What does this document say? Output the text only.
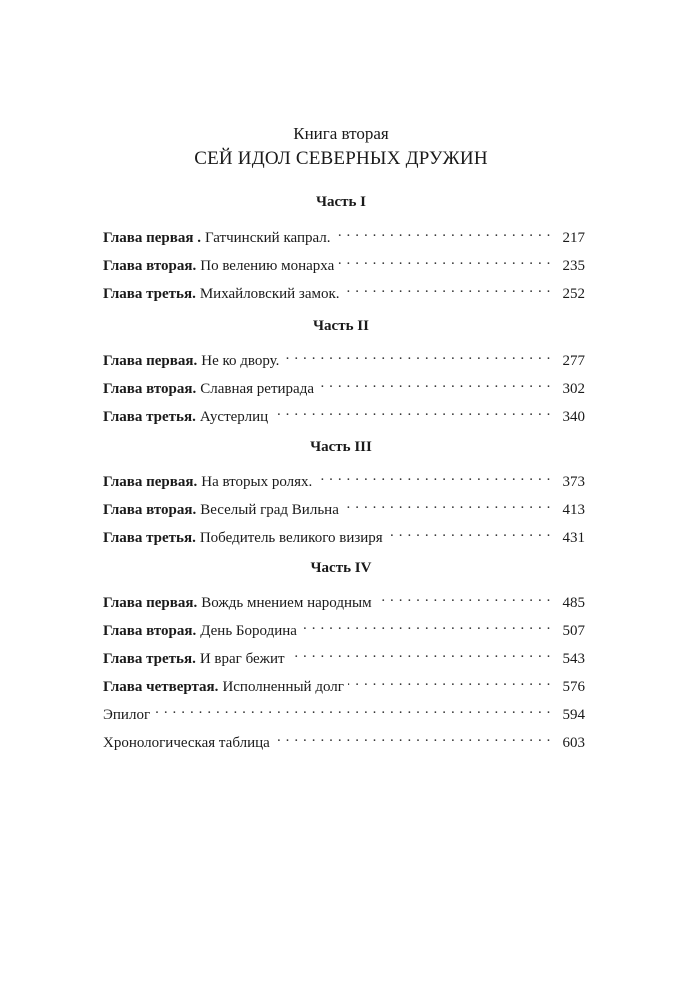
Книга вторая
СЕЙ ИДОЛ СЕВЕРНЫХ ДРУЖИН
Часть I
Глава первая . Гатчинский капрал. . . .	217
Глава вторая. По велению монарха . . .	235
Глава третья. Михайловский замок. . . .	252
Часть II
Глава первая. Не ко двору. . . .	277
Глава вторая. Славная ретирада . . .	302
Глава третья. Аустерлиц . . .	340
Часть III
Глава первая. На вторых ролях. . . .	373
Глава вторая. Веселый град Вильна . . .	413
Глава третья. Победитель великого визиря . . .	431
Часть IV
Глава первая. Вождь мнением народным . . .	485
Глава вторая. День Бородина . . .	507
Глава третья. И враг бежит . . .	543
Глава четвертая. Исполненный долг . . .	576
Эпилог . . .	594
Хронологическая таблица . . .	603
